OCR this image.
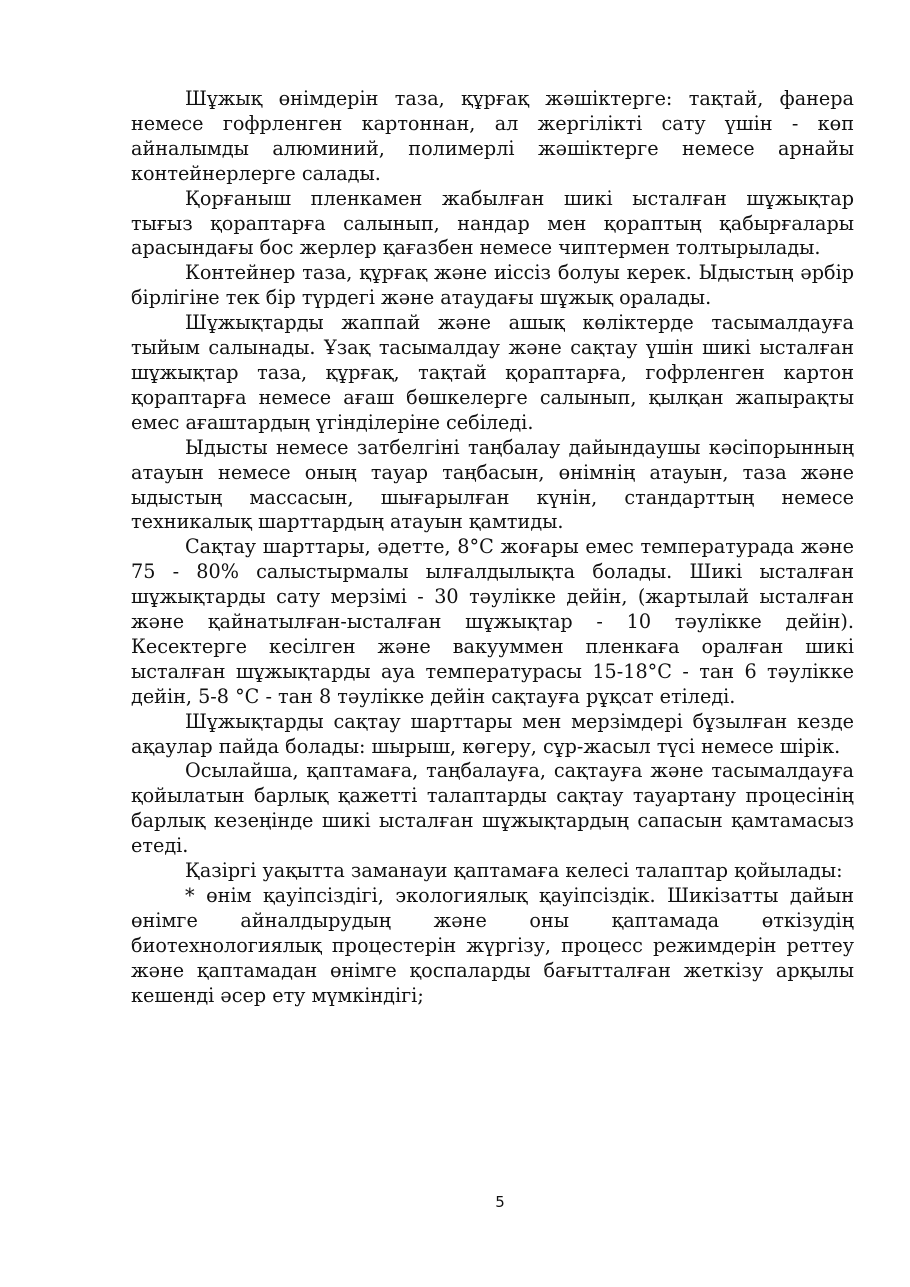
Шұжық өнімдерін таза, құрғақ жәшіктерге: тақтай, фанера немесе гофрленген картоннан, ал жергілікті сату үшін - көп айналымды алюминий, полимерлі жәшіктерге немесе арнайы контейнерлерге салады.

Қорғаныш пленкамен жабылған шикі ысталған шұжықтар тығыз қораптарға салынып, нандар мен қораптың қабырғалары арасындағы бос жерлер қағазбен немесе чиптермен толтырылады.

Контейнер таза, құрғақ және иіссіз болуы керек. Ыдыстың әрбір бірлігіне тек бір түрдегі және атаудағы шұжық оралады.

Шұжықтарды жаппай және ашық көліктерде тасымалдауға тыйым салынады. Ұзақ тасымалдау және сақтау үшін шикі ысталған шұжықтар таза, құрғақ, тақтай қораптарға, гофрленген картон қораптарға немесе ағаш бөшкелерге салынып, қылқан жапырақты емес ағаштардың үгінділеріне себіледі.

Ыдысты немесе затбелгіні таңбалау дайындаушы кәсіпорынның атауын немесе оның тауар таңбасын, өнімнің атауын, таза және ыдыстың массасын, шығарылған күнін, стандарттың немесе техникалық шарттардың атауын қамтиды.

Сақтау шарттары, әдетте, 8°С жоғары емес температурада және 75 - 80% салыстырмалы ылғалдылықта болады. Шикі ысталған шұжықтарды сату мерзімі - 30 тәулікке дейін, (жартылай ысталған және қайнатылған-ысталған шұжықтар - 10 тәулікке дейін). Кесектерге кесілген және вакууммен пленкаға оралған шикі ысталған шұжықтарды ауа температурасы 15-18°С - тан 6 тәулікке дейін, 5-8 °С - тан 8 тәулікке дейін сақтауға рұқсат етіледі.

Шұжықтарды сақтау шарттары мен мерзімдері бұзылған кезде ақаулар пайда болады: шырыш, көгеру, сұр-жасыл түсі немесе шірік.

Осылайша, қаптамаға, таңбалауға, сақтауға және тасымалдауға қойылатын барлық қажетті талаптарды сақтау тауартану процесінің барлық кезеңінде шикі ысталған шұжықтардың сапасын қамтамасыз етеді.

Қазіргі уақытта заманауи қаптамаға келесі талаптар қойылады:

* өнім қауіпсіздігі, экологиялық қауіпсіздік. Шикізатты дайын өнімге айналдырудың және оны қаптамада өткізудің биотехнологиялық процестерін жүргізу, процесс режимдерін реттеу және қаптамадан өнімге қоспаларды бағытталған жеткізу арқылы кешенді әсер ету мүмкіндігі;

5
